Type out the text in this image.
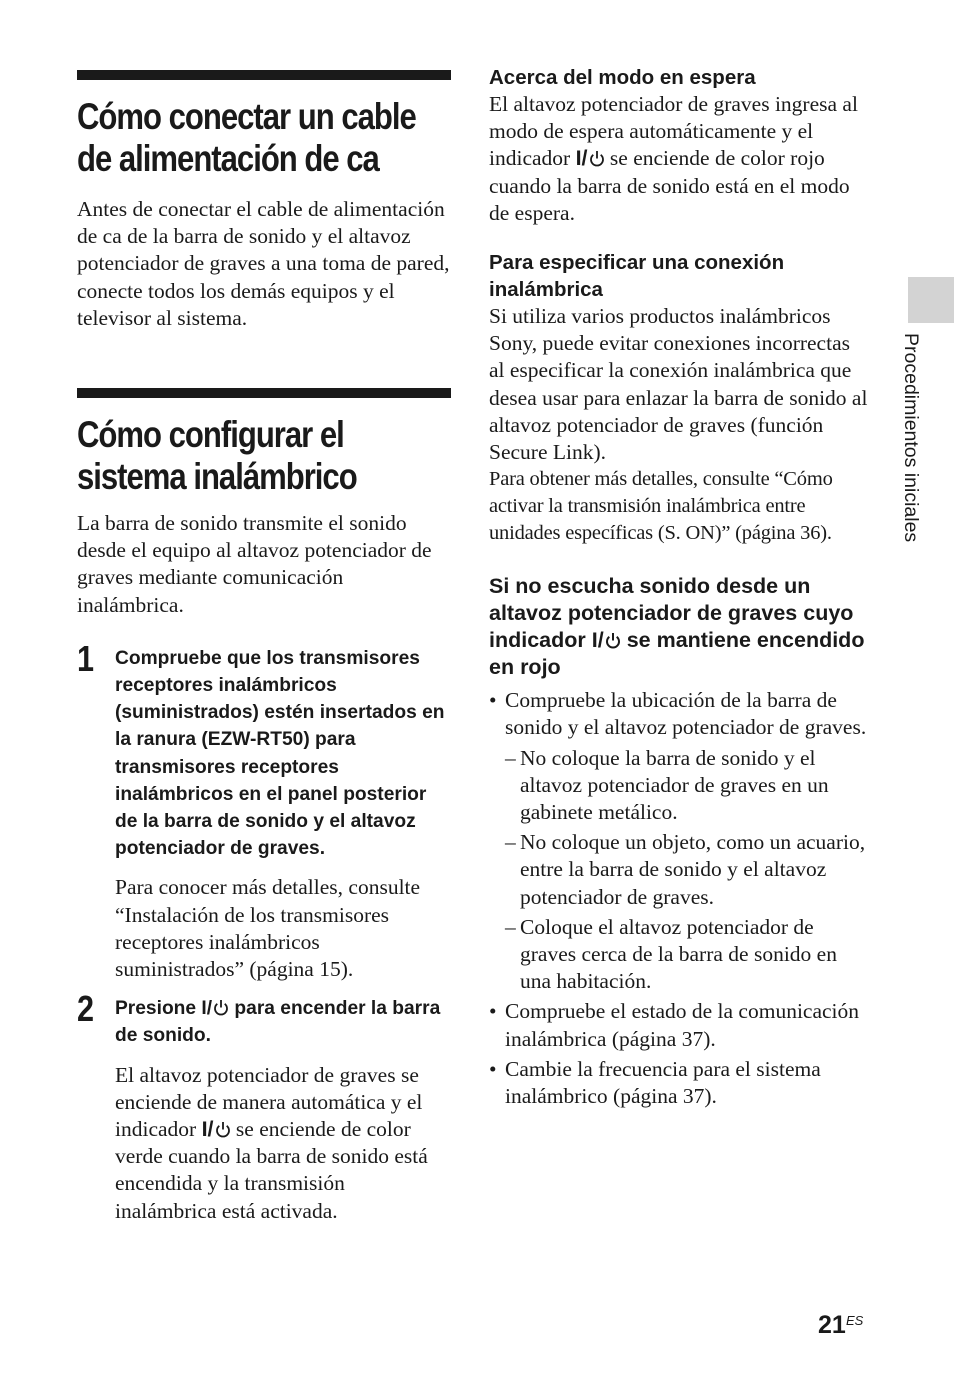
Cómo conectar un cable de alimentación de ca

Antes de conectar el cable de alimentación de ca de la barra de sonido y el altavoz potenciador de graves a una toma de pared, conecte todos los demás equipos y el televisor al sistema.

Cómo configurar el sistema inalámbrico

La barra de sonido transmite el sonido desde el equipo al altavoz potenciador de graves mediante comunicación inalámbrica.

1 Compruebe que los transmisores receptores inalámbricos (suministrados) estén insertados en la ranura (EZW-RT50) para transmisores receptores inalámbricos en el panel posterior de la barra de sonido y el altavoz potenciador de graves.

Para conocer más detalles, consulte “Instalación de los transmisores receptores inalámbricos suministrados” (página 15).

2 Presione I/ para encender la barra de sonido.

El altavoz potenciador de graves se enciende de manera automática y el indicador I/ se enciende de color verde cuando la barra de sonido está encendida y la transmisión inalámbrica está activada.

Acerca del modo en espera

El altavoz potenciador de graves ingresa al modo de espera automáticamente y el indicador I/ se enciende de color rojo cuando la barra de sonido está en el modo de espera.

Para especificar una conexión inalámbrica

Si utiliza varios productos inalámbricos Sony, puede evitar conexiones incorrectas al especificar la conexión inalámbrica que desea usar para enlazar la barra de sonido al altavoz potenciador de graves (función Secure Link).

Para obtener más detalles, consulte “Cómo activar la transmisión inalámbrica entre unidades específicas (S. ON)” (página 36).

Si no escucha sonido desde un altavoz potenciador de graves cuyo indicador I/ se mantiene encendido en rojo

• Compruebe la ubicación de la barra de sonido y el altavoz potenciador de graves.
– No coloque la barra de sonido y el altavoz potenciador de graves en un gabinete metálico.
– No coloque un objeto, como un acuario, entre la barra de sonido y el altavoz potenciador de graves.
– Coloque el altavoz potenciador de graves cerca de la barra de sonido en una habitación.
• Compruebe el estado de la comunicación inalámbrica (página 37).
• Cambie la frecuencia para el sistema inalámbrico (página 37).
Procedimientos iniciales
21 ES
